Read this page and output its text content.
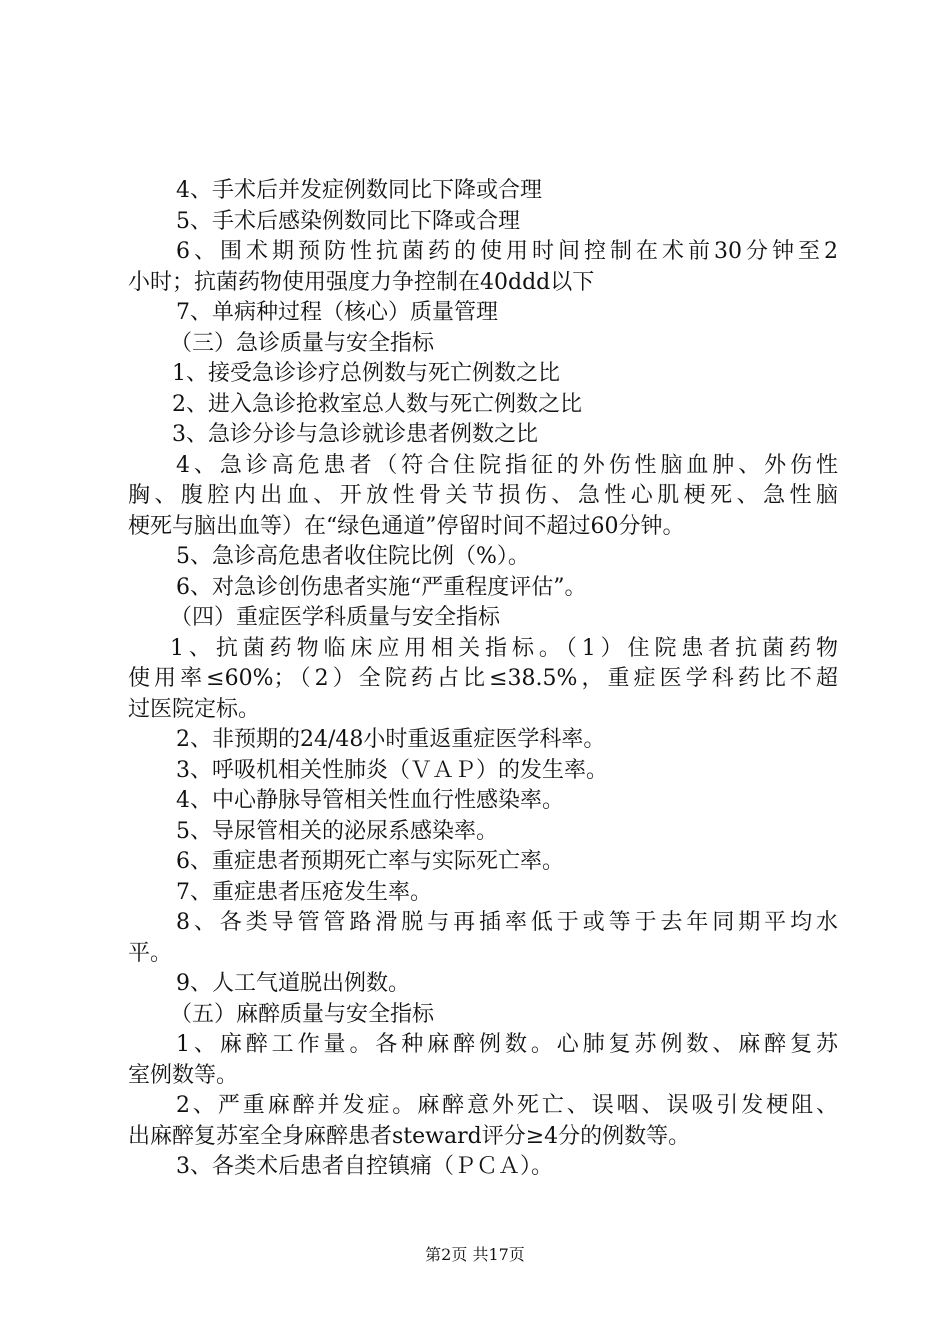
4、手术后并发症例数同比下降或合理
5、手术后感染例数同比下降或合理
6、围术期预防性抗菌药的使用时间控制在术前30分钟至2
小时；抗菌药物使用强度力争控制在40ddd以下
7、单病种过程（核心）质量管理
（三）急诊质量与安全指标
1、接受急诊诊疗总例数与死亡例数之比
2、进入急诊抢救室总人数与死亡例数之比
3、急诊分诊与急诊就诊患者例数之比
4、急诊高危患者（符合住院指征的外伤性脑血肿、外伤性
胸、腹腔内出血、开放性骨关节损伤、急性心肌梗死、急性脑
梗死与脑出血等）在“绿色通道”停留时间不超过60分钟。
5、急诊高危患者收住院比例（%）。
6、对急诊创伤患者实施“严重程度评估”。
（四）重症医学科质量与安全指标
1、抗菌药物临床应用相关指标。（1）住院患者抗菌药物
使用率≤60%；（2）全院药占比≤38.5%，重症医学科药比不超
过医院定标。
2、非预期的24/48小时重返重症医学科率。
3、呼吸机相关性肺炎（ＶＡＰ）的发生率。
4、中心静脉导管相关性血行性感染率。
5、导尿管相关的泌尿系感染率。
6、重症患者预期死亡率与实际死亡率。
7、重症患者压疮发生率。
8、各类导管管路滑脱与再插率低于或等于去年同期平均水
平。
9、人工气道脱出例数。
（五）麻醉质量与安全指标
1、麻醉工作量。各种麻醉例数。心肺复苏例数、麻醉复苏
室例数等。
2、严重麻醉并发症。麻醉意外死亡、误咽、误吸引发梗阻、
出麻醉复苏室全身麻醉患者steward评分≥4分的例数等。
3、各类术后患者自控镇痛（ＰＣＡ）。
第2页 共17页
